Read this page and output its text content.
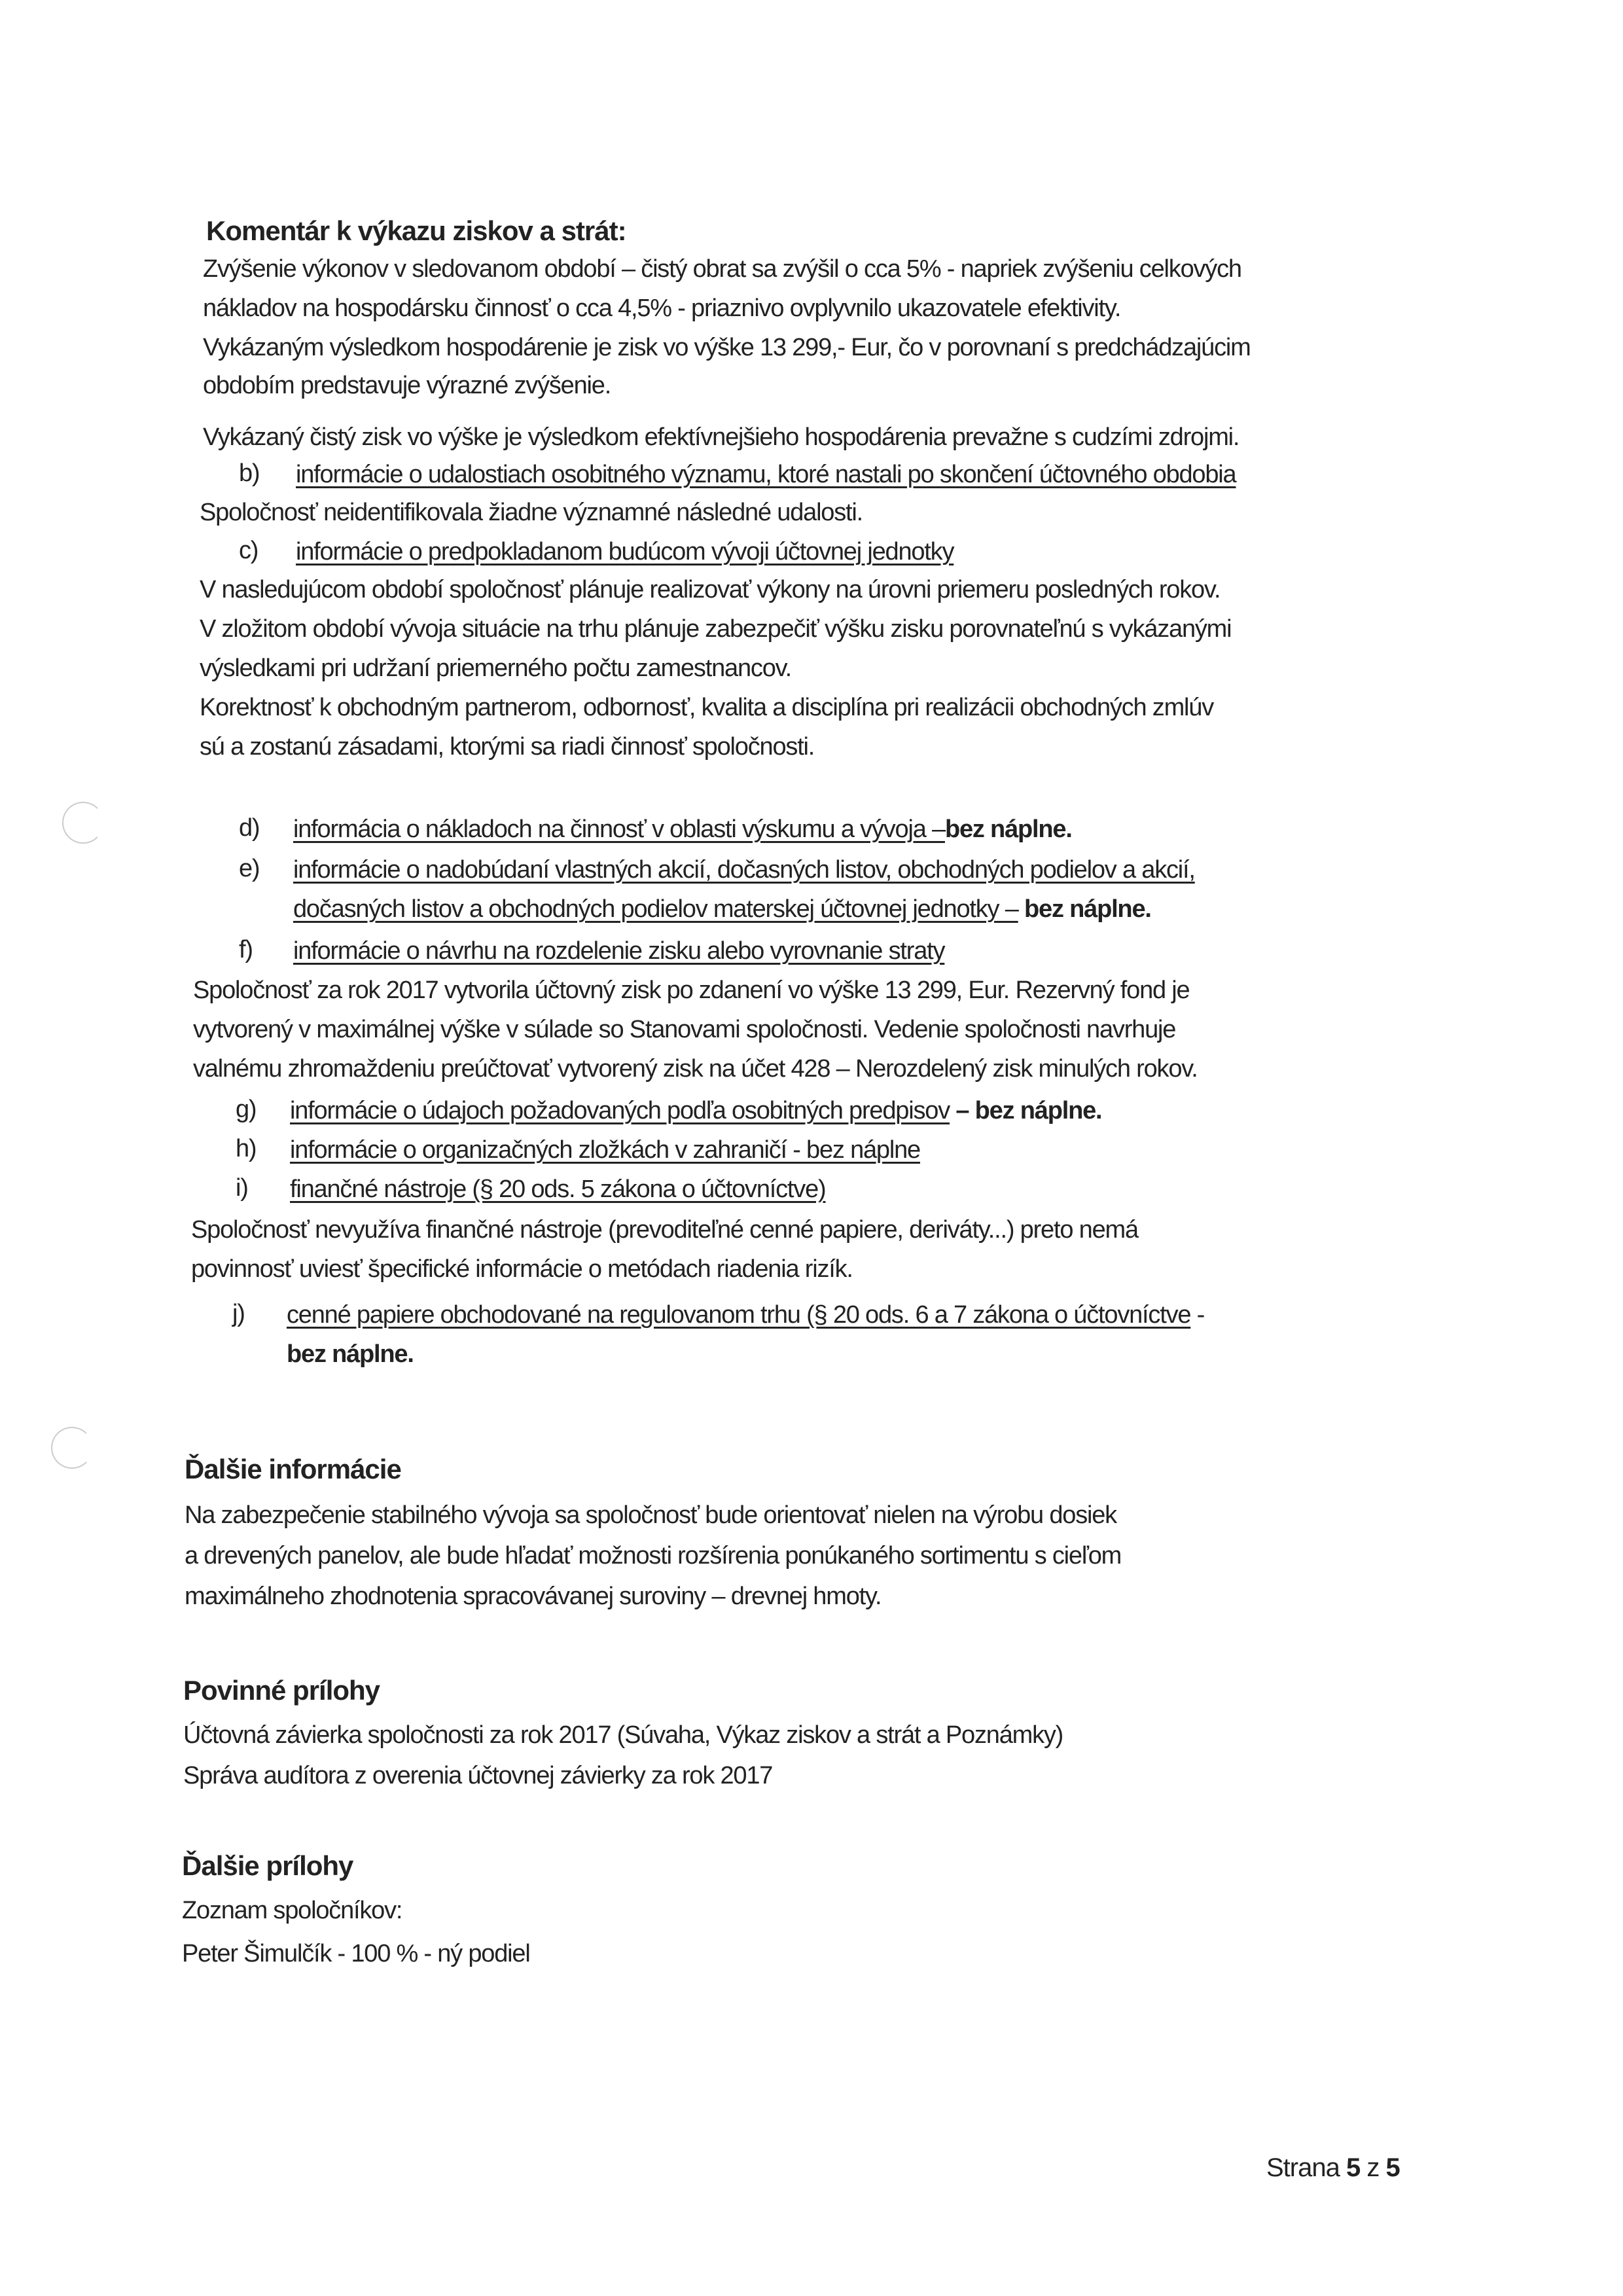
Komentár k výkazu ziskov a strát:
Zvýšenie výkonov v sledovanom období – čistý obrat sa zvýšil o cca 5% - napriek zvýšeniu celkových
nákladov na hospodársku činnosť o cca 4,5% - priaznivo ovplyvnilo ukazovatele efektivity.
Vykázaným výsledkom hospodárenie je zisk vo výške 13 299,- Eur, čo v porovnaní s predchádzajúcim
obdobím predstavuje výrazné zvýšenie.
Vykázaný čistý zisk vo výške je výsledkom efektívnejšieho hospodárenia prevažne s cudzími zdrojmi.
b) informácie o udalostiach osobitného významu, ktoré nastali po skončení účtovného obdobia
Spoločnosť neidentifikovala žiadne významné následné udalosti.
c) informácie o predpokladanom budúcom vývoji účtovnej jednotky
V nasledujúcom období spoločnosť plánuje realizovať výkony na úrovni priemeru posledných rokov.
V zložitom období vývoja situácie na trhu plánuje zabezpečiť výšku zisku porovnateľnú s vykázanými
výsledkami pri udržaní priemerného počtu zamestnancov.
Korektnosť k obchodným partnerom, odbornosť, kvalita a disciplína pri realizácii obchodných zmlúv
sú a zostanú zásadami, ktorými sa riadi činnosť spoločnosti.
d) informácia o nákladoch na činnosť v oblasti výskumu a vývoja –bez náplne.
e) informácie o nadobúdaní vlastných akcií, dočasných listov, obchodných podielov a akcií,
dočasných listov a obchodných podielov materskej účtovnej jednotky – bez náplne.
f) informácie o návrhu na rozdelenie zisku alebo vyrovnanie straty
Spoločnosť za rok 2017 vytvorila účtovný zisk po zdanení vo výške 13 299, Eur. Rezervný fond je
vytvorený v maximálnej výške v súlade so Stanovami spoločnosti. Vedenie spoločnosti navrhuje
valnému zhromaždeniu preúčtovať vytvorený zisk na účet 428 – Nerozdelený zisk minulých rokov.
g) informácie o údajoch požadovaných podľa osobitných predpisov – bez náplne.
h) informácie o organizačných zložkách v zahraničí - bez náplne
i) finančné nástroje (§ 20 ods. 5 zákona o účtovníctve)
Spoločnosť nevyužíva finančné nástroje (prevoditeľné cenné papiere, deriváty...) preto nemá
povinnosť uviesť špecifické informácie o metódach riadenia rizík.
j) cenné papiere obchodované na regulovanom trhu (§ 20 ods. 6 a 7 zákona o účtovníctve -
bez náplne.
Ďalšie informácie
Na zabezpečenie stabilného vývoja sa spoločnosť bude orientovať nielen na výrobu dosiek
a drevených panelov, ale bude hľadať možnosti rozšírenia ponúkaného sortimentu s cieľom
maximálneho zhodnotenia spracovávanej suroviny – drevnej hmoty.
Povinné prílohy
Účtovná závierka spoločnosti za rok 2017 (Súvaha, Výkaz ziskov a strát a Poznámky)
Správa audítora z overenia účtovnej závierky za rok 2017
Ďalšie prílohy
Zoznam spoločníkov:
Peter Šimulčík - 100 % - ný podiel
Strana 5 z 5
